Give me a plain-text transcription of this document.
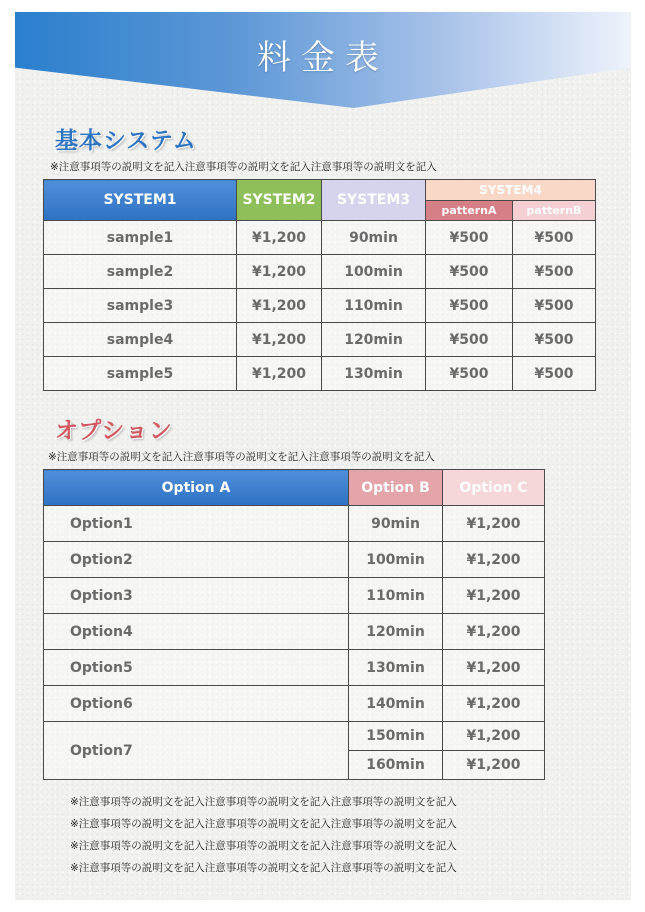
料金表
基本システム
※注意事項等の説明文を記入注意事項等の説明文を記入注意事項等の説明文を記入
SYSTEM1	SYSTEM2	SYSTEM3	SYSTEM4	
			patternA	patternB
sample1	¥1,200	90min	¥500	¥500
sample2	¥1,200	100min	¥500	¥500
sample3	¥1,200	110min	¥500	¥500
sample4	¥1,200	120min	¥500	¥500
sample5	¥1,200	130min	¥500	¥500
オプション
※注意事項等の説明文を記入注意事項等の説明文を記入注意事項等の説明文を記入
Option A	Option B	Option C
Option1	90min	¥1,200
Option2	100min	¥1,200
Option3	110min	¥1,200
Option4	120min	¥1,200
Option5	130min	¥1,200
Option6	140min	¥1,200
Option7	150min	¥1,200
	160min	¥1,200
※注意事項等の説明文を記入注意事項等の説明文を記入注意事項等の説明文を記入
※注意事項等の説明文を記入注意事項等の説明文を記入注意事項等の説明文を記入
※注意事項等の説明文を記入注意事項等の説明文を記入注意事項等の説明文を記入
※注意事項等の説明文を記入注意事項等の説明文を記入注意事項等の説明文を記入
